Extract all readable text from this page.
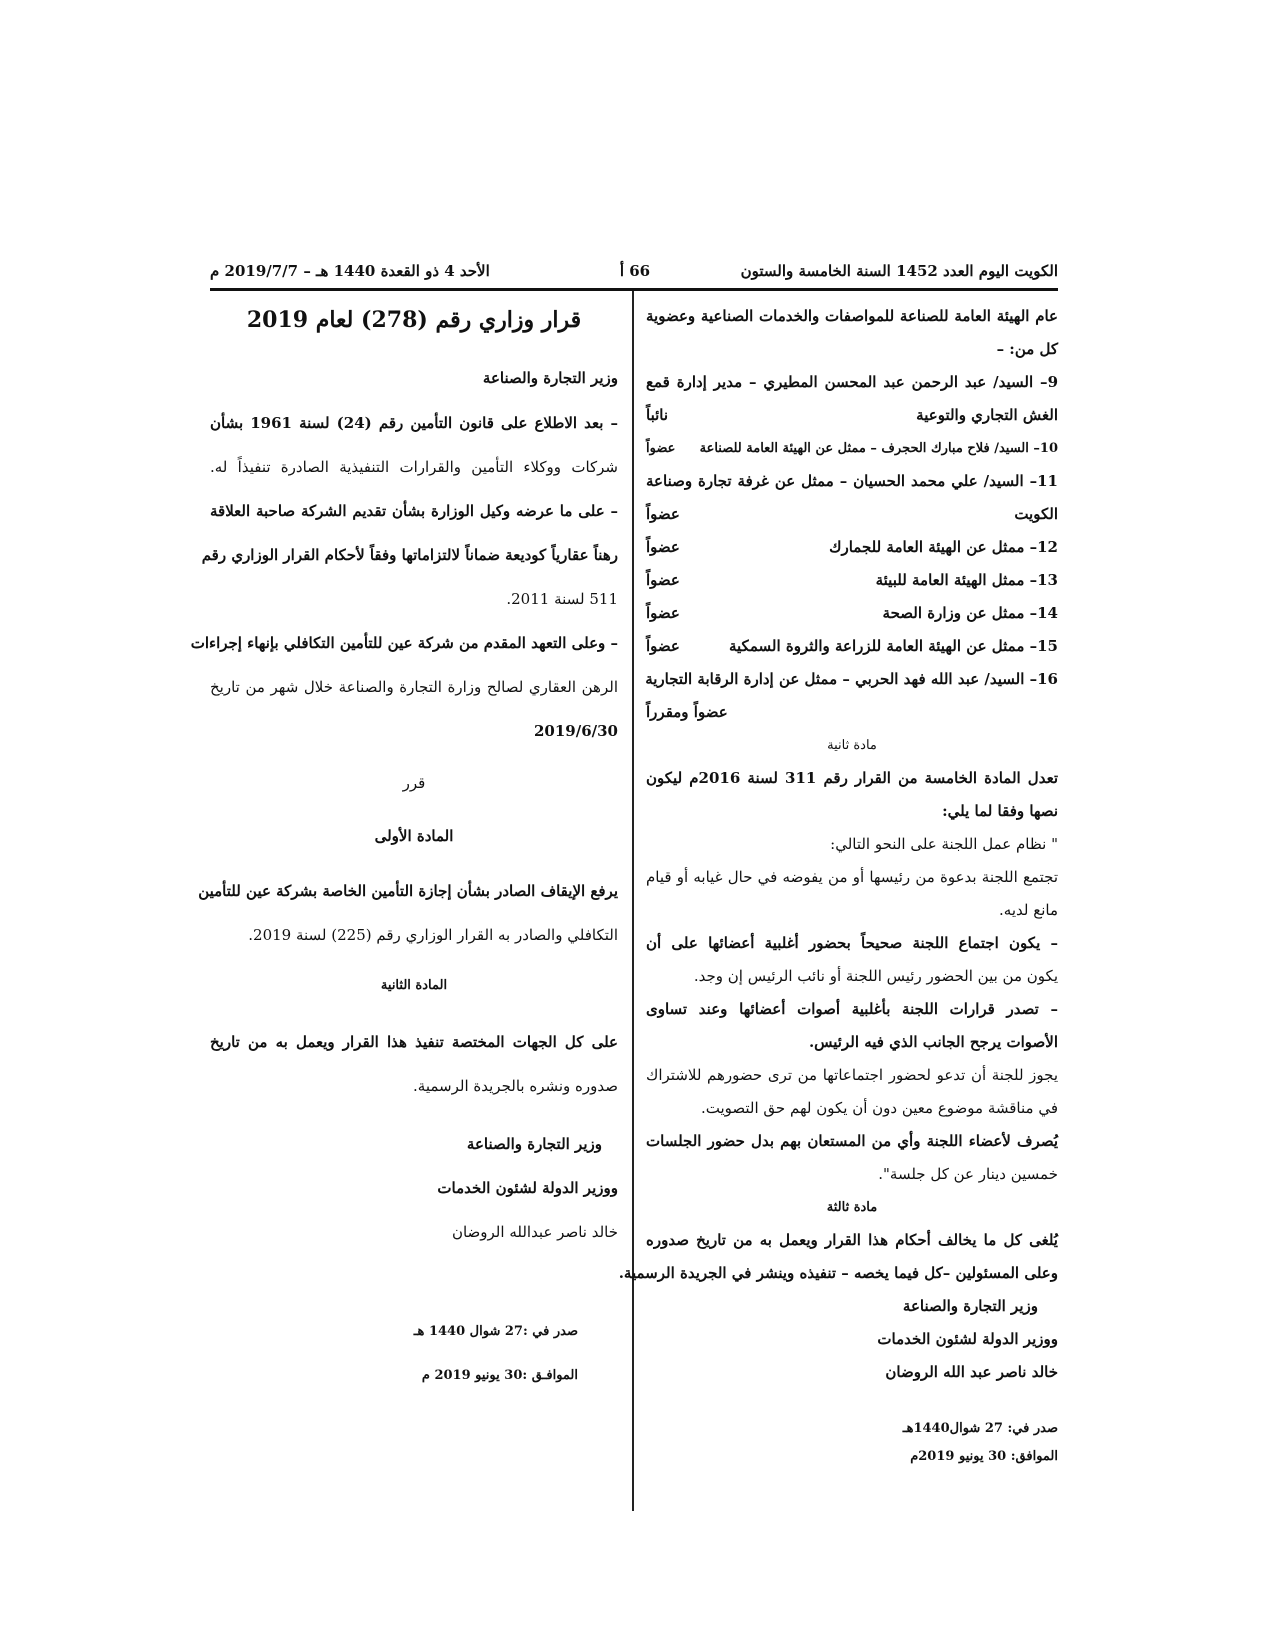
الكويت اليوم العدد 1452 السنة الخامسة والستون
66 أ
الأحد 4 ذو القعدة 1440 هـ – 2019/7/7 م
عام الهيئة العامة للصناعة للمواصفات والخدمات الصناعية وعضوية
كل من: –
9– السيد/ عبد الرحمن عبد المحسن المطيري – مدير إدارة قمع
الغش التجاري والتوعية
نائباً
10– السيد/ فلاح مبارك الحجرف – ممثل عن الهيئة العامة للصناعة
عضواً
11– السيد/ علي محمد الحسيان – ممثل عن غرفة تجارة وصناعة
الكويت
عضواً
12– ممثل عن الهيئة العامة للجمارك
عضواً
13– ممثل الهيئة العامة للبيئة
عضواً
14– ممثل عن وزارة الصحة
عضواً
15– ممثل عن الهيئة العامة للزراعة والثروة السمكية
عضواً
16– السيد/ عبد الله فهد الحربي – ممثل عن إدارة الرقابة التجارية
عضواً ومقرراً
مادة ثانية
تعدل المادة الخامسة من القرار رقم 311 لسنة 2016م ليكون
نصها وفقا لما يلي:
" نظام عمل اللجنة على النحو التالي:
تجتمع اللجنة بدعوة من رئيسها أو من يفوضه في حال غيابه أو قيام
مانع لديه.
– يكون اجتماع اللجنة صحيحاً بحضور أغلبية أعضائها على أن
يكون من بين الحضور رئيس اللجنة أو نائب الرئيس إن وجد.
– تصدر قرارات اللجنة بأغلبية أصوات أعضائها وعند تساوى
الأصوات يرجح الجانب الذي فيه الرئيس.
يجوز للجنة أن تدعو لحضور اجتماعاتها من ترى حضورهم للاشتراك
في مناقشة موضوع معين دون أن يكون لهم حق التصويت.
يُصرف لأعضاء اللجنة وأي من المستعان بهم بدل حضور الجلسات
خمسين دينار عن كل جلسة".
مادة ثالثة
يُلغى كل ما يخالف أحكام هذا القرار ويعمل به من تاريخ صدوره
وعلى المسئولين –كل فيما يخصه – تنفيذه وينشر في الجريدة الرسمية.
وزير التجارة والصناعة
ووزير الدولة لشئون الخدمات
خالد ناصر عبد الله الروضان
صدر في: 27 شوال1440هـ
الموافق: 30 يونيو 2019م
قرار وزاري رقم (278) لعام 2019
وزير التجارة والصناعة
– بعد الاطلاع على قانون التأمين رقم (24) لسنة 1961 بشأن
شركات ووكلاء التأمين والقرارات التنفيذية الصادرة تنفيذاً له.
– على ما عرضه وكيل الوزارة بشأن تقديم الشركة صاحبة العلاقة
رهناً عقارياً كوديعة ضماناً لالتزاماتها وفقاً لأحكام القرار الوزاري رقم
511 لسنة 2011.
– وعلى التعهد المقدم من شركة عين للتأمين التكافلي بإنهاء إجراءات
الرهن العقاري لصالح وزارة التجارة والصناعة خلال شهر من تاريخ
2019/6/30
قرر
المادة الأولى
يرفع الإيقاف الصادر بشأن إجازة التأمين الخاصة بشركة عين للتأمين
التكافلي والصادر به القرار الوزاري رقم (225) لسنة 2019.
المادة الثانية
على كل الجهات المختصة تنفيذ هذا القرار ويعمل به من تاريخ
صدوره ونشره بالجريدة الرسمية.
وزير التجارة والصناعة
ووزير الدولة لشئون الخدمات
خالد ناصر عبدالله الروضان
صدر في :27 شوال 1440 هـ
الموافـق :30 يونيو 2019 م
